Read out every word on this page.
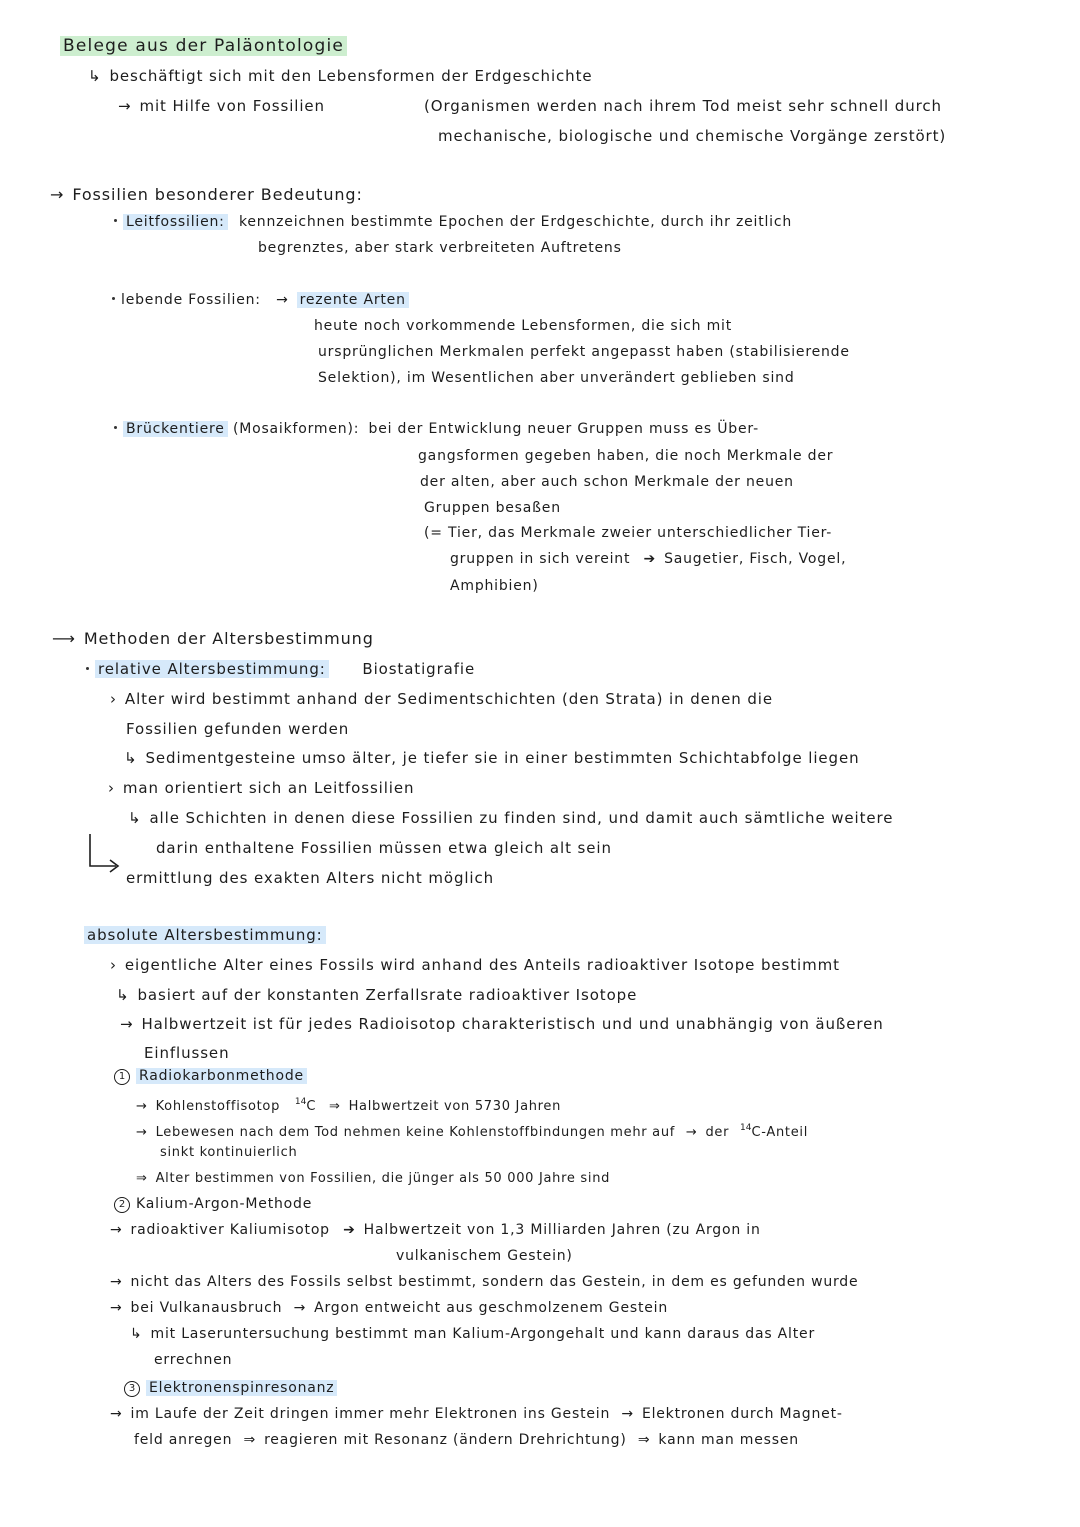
Belege aus der Paläontologie
↳ beschäftigt sich mit den Lebensformen der Erdgeschichte
→ mit Hilfe von Fossilien	(Organismen werden nach ihrem Tod meist sehr schnell durch
mechanische, biologische und chemische Vorgänge zerstört)
→ Fossilien besonderer Bedeutung:
Leitfossilien: kennzeichnen bestimmte Epochen der Erdgeschichte, durch ihr zeitlich
begrenztes, aber stark verbreiteten Auftretens
lebende Fossilien: → rezente Arten
heute noch vorkommende Lebensformen, die sich mit
ursprünglichen Merkmalen perfekt angepasst haben (stabilisierende
Selektion), im Wesentlichen aber unverändert geblieben sind
Brückentiere (Mosaikformen): bei der Entwicklung neuer Gruppen muss es Über-
gangsformen gegeben haben, die noch Merkmale der
der alten, aber auch schon Merkmale der neuen
Gruppen besaßen
(= Tier, das Merkmale zweier unterschiedlicher Tier-
gruppen in sich vereint ➔ Saugetier, Fisch, Vogel,
Amphibien)
⟶ Methoden der Altersbestimmung
relative Altersbestimmung: Biostatigrafie
› Alter wird bestimmt anhand der Sedimentschichten (den Strata) in denen die
Fossilien gefunden werden
↳ Sedimentgesteine umso älter, je tiefer sie in einer bestimmten Schichtabfolge liegen
› man orientiert sich an Leitfossilien
↳ alle Schichten in denen diese Fossilien zu finden sind, und damit auch sämtliche weitere
darin enthaltene Fossilien müssen etwa gleich alt sein
ermittlung des exakten Alters nicht möglich
absolute Altersbestimmung:
› eigentliche Alter eines Fossils wird anhand des Anteils radioaktiver Isotope bestimmt
↳ basiert auf der konstanten Zerfallsrate radioaktiver Isotope
→ Halbwertzeit ist für jedes Radioisotop charakteristisch und und unabhängig von äußeren
Einflussen
1 Radiokarbonmethode
→ Kohlenstoffisotop $^{14}$C ⇒ Halbwertzeit von 5730 Jahren
→ Lebewesen nach dem Tod nehmen keine Kohlenstoffbindungen mehr auf → der $^{14}$C-Anteil
sinkt kontinuierlich
⇒ Alter bestimmen von Fossilien, die jünger als 50 000 Jahre sind
2 Kalium-Argon-Methode
→ radioaktiver Kaliumisotop ➔ Halbwertzeit von 1,3 Milliarden Jahren (zu Argon in
vulkanischem Gestein)
→ nicht das Alters des Fossils selbst bestimmt, sondern das Gestein, in dem es gefunden wurde
→ bei Vulkanausbruch → Argon entweicht aus geschmolzenem Gestein
↳ mit Laseruntersuchung bestimmt man Kalium-Argongehalt und kann daraus das Alter
errechnen
3 Elektronenspinresonanz
→ im Laufe der Zeit dringen immer mehr Elektronen ins Gestein → Elektronen durch Magnet-
feld anregen ⇒ reagieren mit Resonanz (ändern Drehrichtung) ⇒ kann man messen
